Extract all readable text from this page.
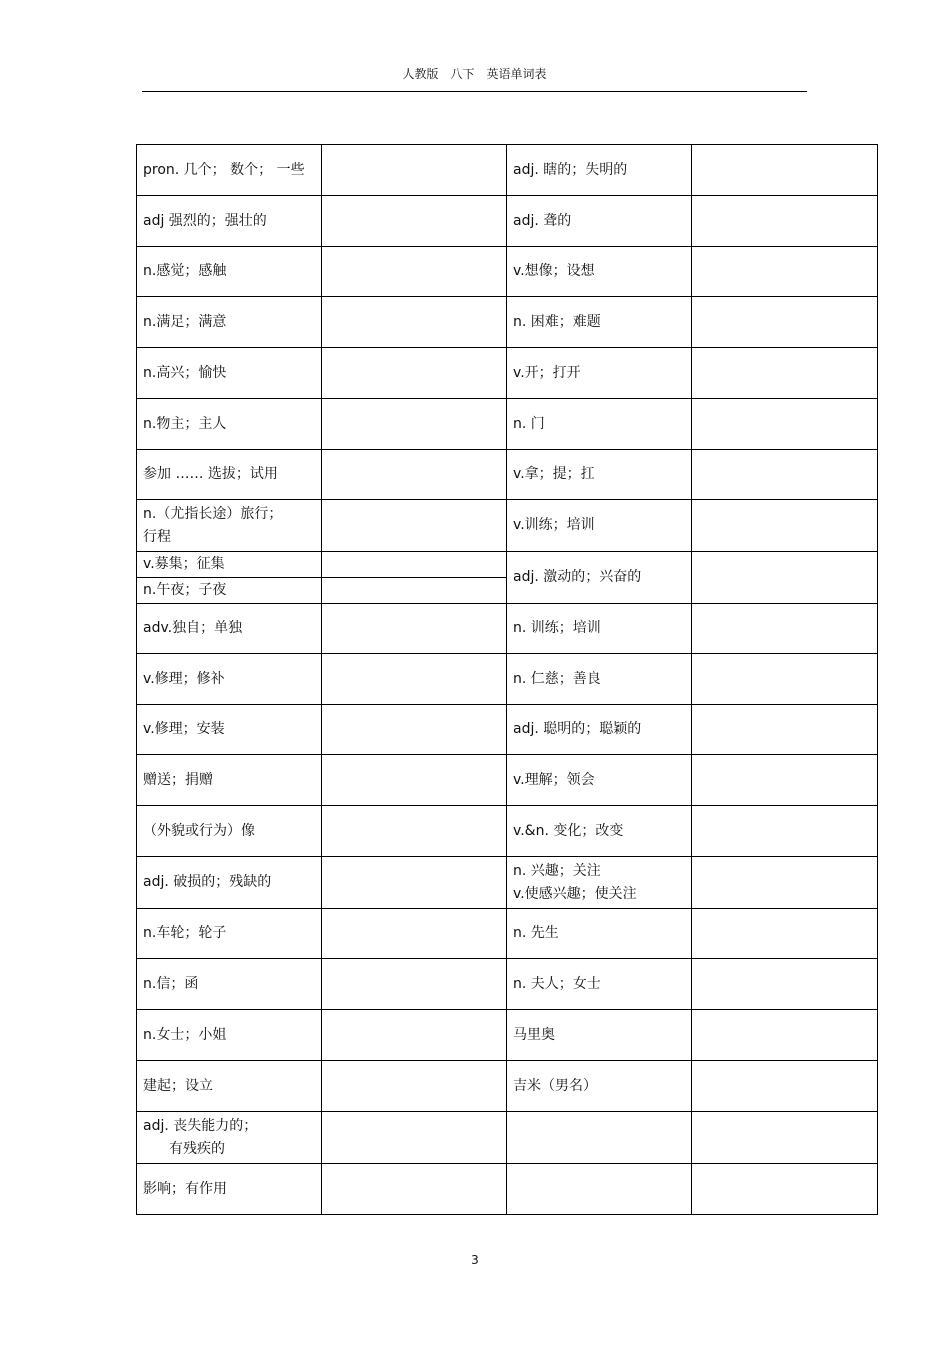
人教版　八下　英语单词表
pron. 几个； 数个； 一些		adj. 瞎的；失明的	
adj 强烈的；强壮的		adj. 聋的	
n.感觉；感触		v.想像；设想	
n.满足；满意		n. 困难；难题	
n.高兴；愉快		v.开；打开	
n.物主；主人		n. 门	
参加 …… 选拔；试用		v.拿；提；扛	

n.（尤指长途）旅行；
行程		v.训练；培训	
v.募集；征集		adj. 激动的；兴奋的	
n.午夜；子夜			
adv.独自；单独		n. 训练；培训	
v.修理；修补		n. 仁慈；善良	
v.修理；安装		adj. 聪明的；聪颖的	
赠送；捐赠		v.理解；领会	
（外貌或行为）像		v.&n. 变化；改变	
adj. 破损的；残缺的		n. 兴趣；关注
v.使感兴趣；使关注	

n.车轮；轮子		n. 先生	
n.信；函		n. 夫人；女士	
n.女士；小姐		马里奥	
建起；设立		吉米（男名）	

adj. 丧失能力的；
有残疾的			

影响；有作用			
3
